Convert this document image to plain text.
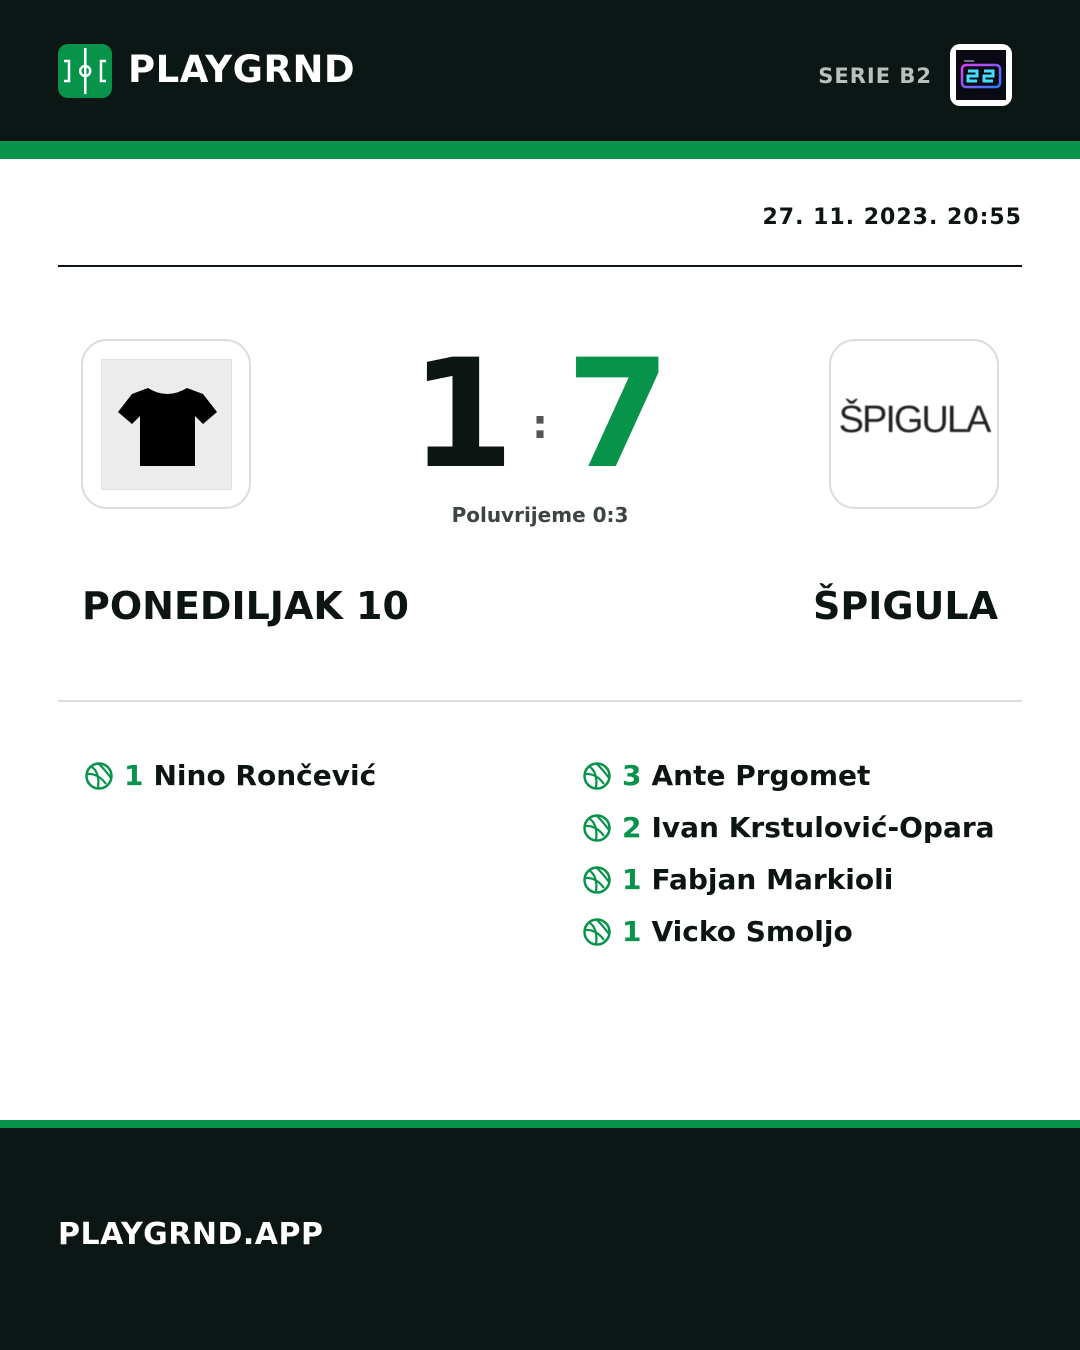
PLAYGRND	SERIE B2
27. 11. 2023. 20:55
ŠPIGULA
1 : 7
Poluvrijeme 0:3
PONEDILJAK 10	ŠPIGULA
1 Nino Rončević	3 Ante Prgomet
2 Ivan Krstulović-Opara
1 Fabjan Markioli
1 Vicko Smoljo
PLAYGRND.APP
